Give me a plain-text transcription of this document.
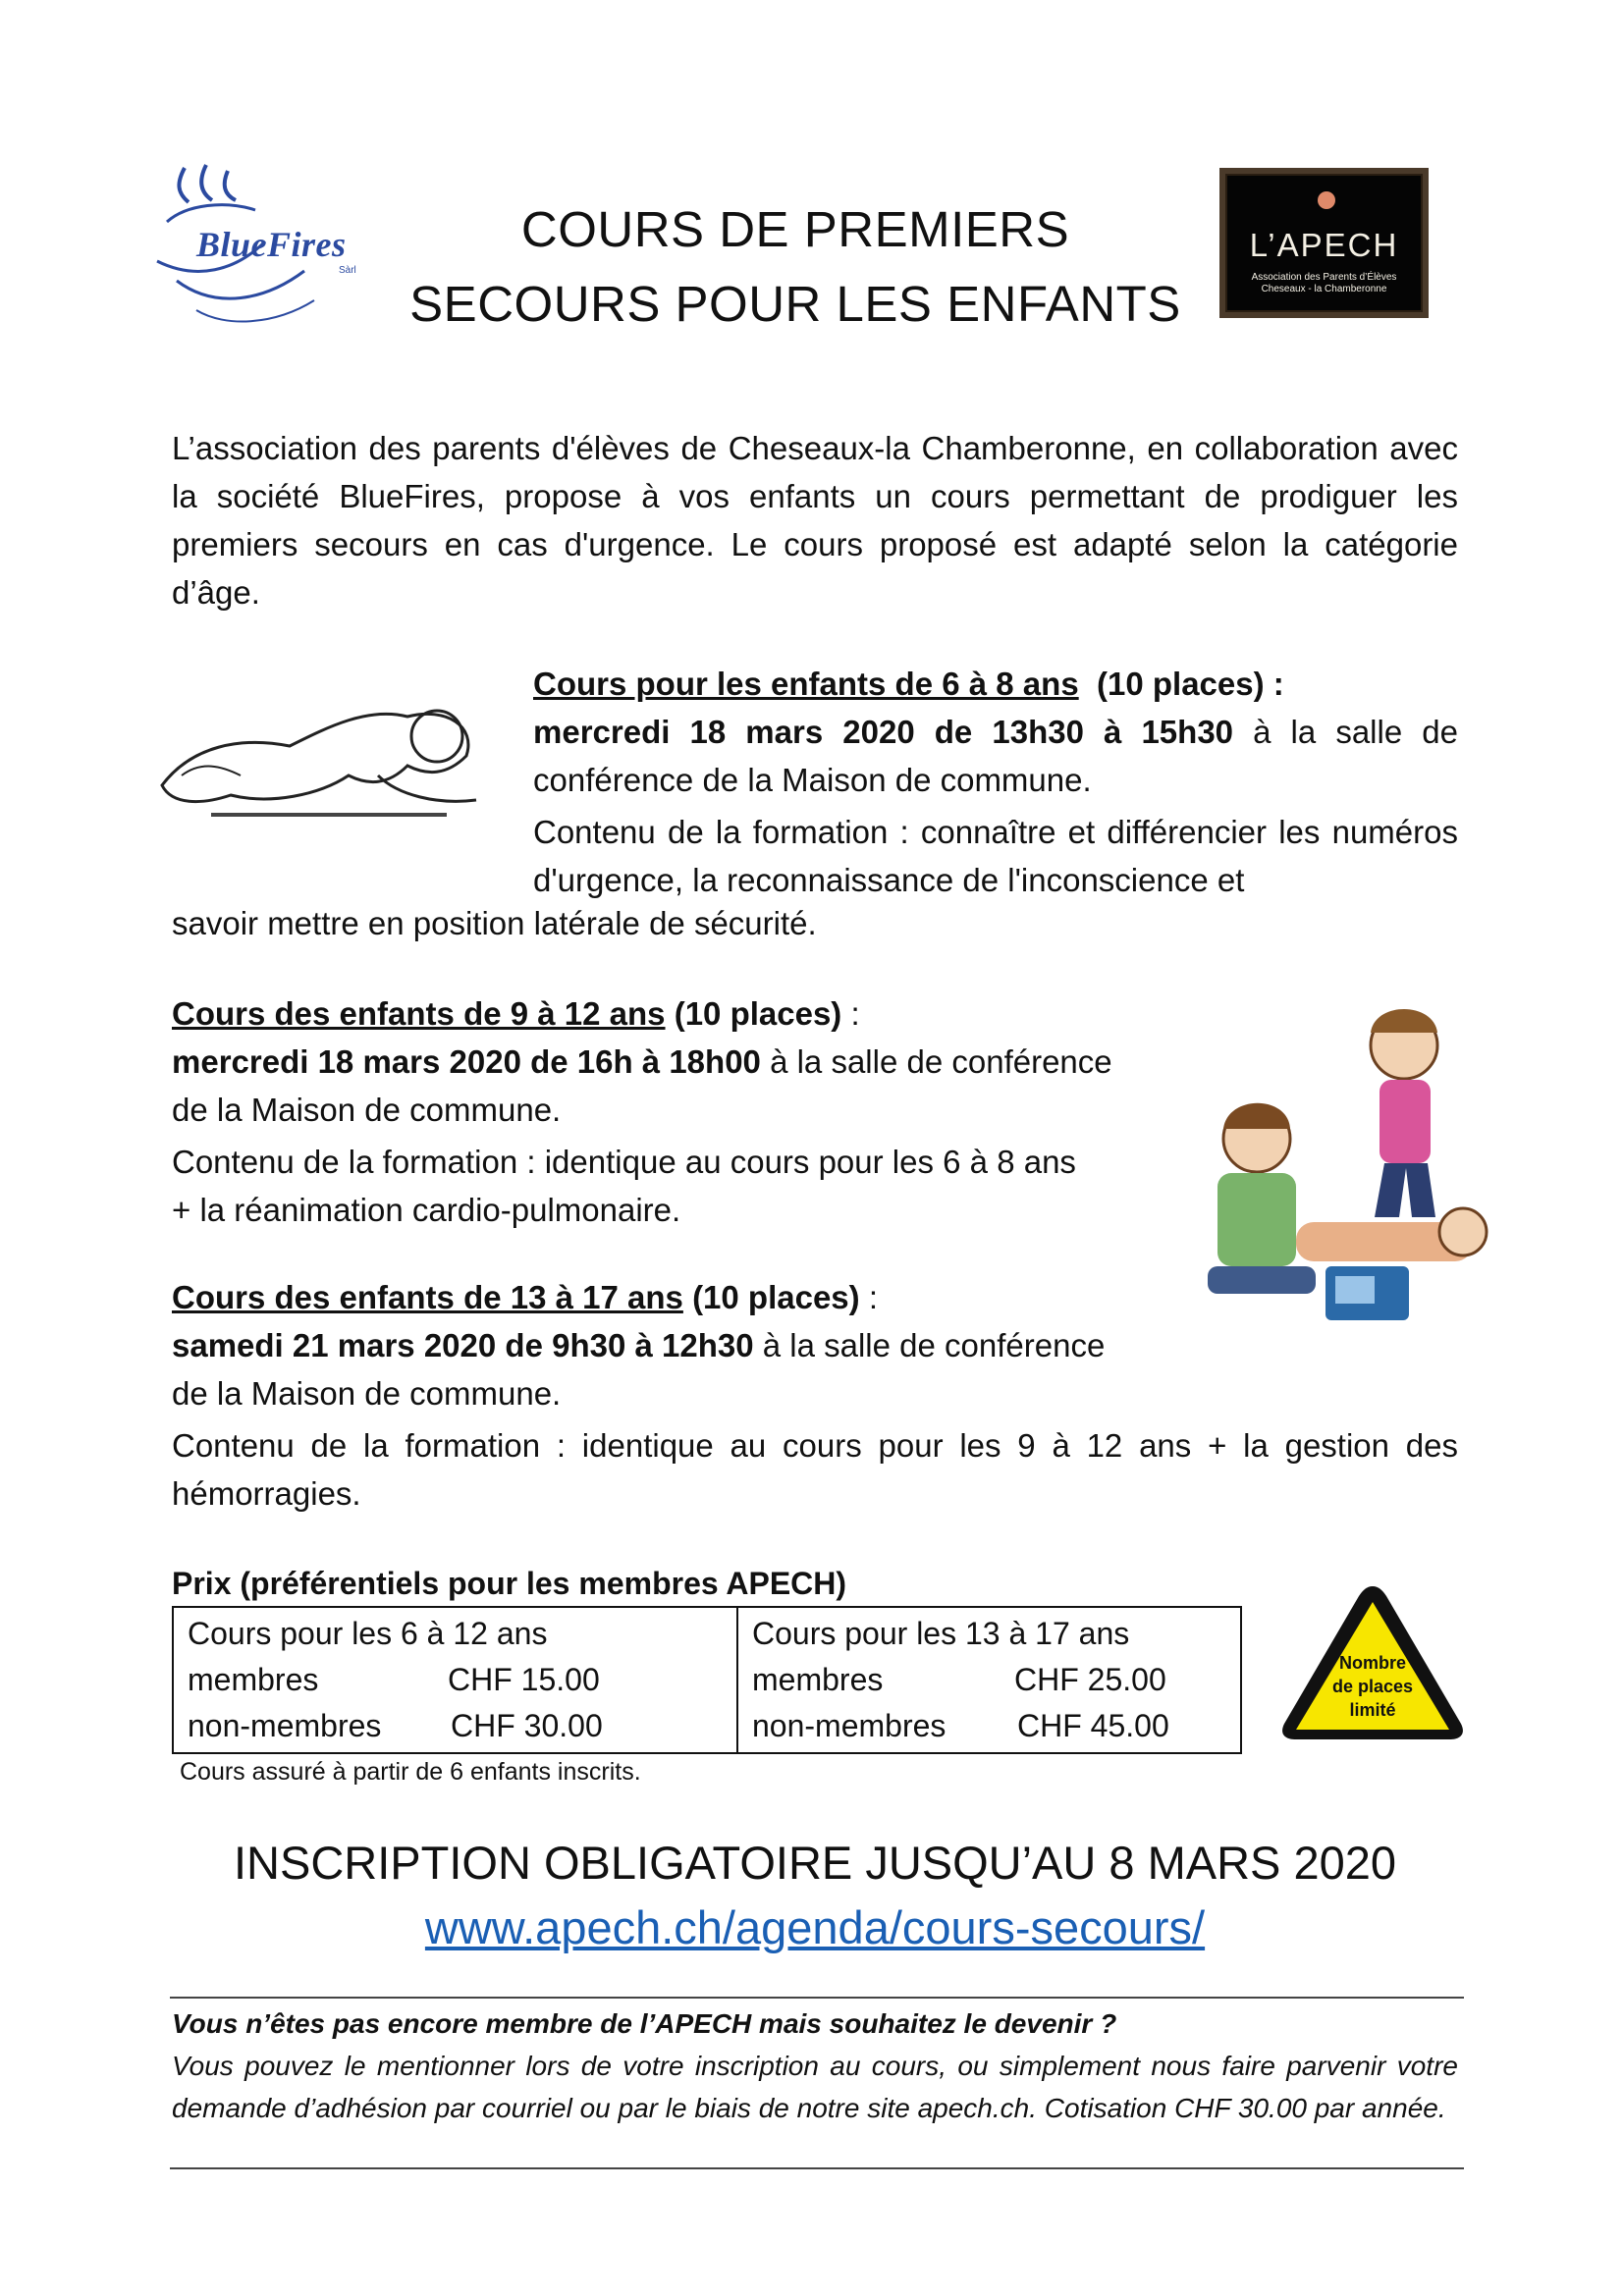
BlueFires
Sàrl
COURS DE PREMIERS
SECOURS POUR LES ENFANTS
L’APECH
Association des Parents d’Élèves
Cheseaux - la Chamberonne

L’association des parents d'élèves de Cheseaux-la Chamberonne, en collaboration avec la société BlueFires, propose à vos enfants un cours permettant de prodiguer les premiers secours en cas d'urgence. Le cours proposé est adapté selon la catégorie d’âge.

Cours pour les enfants de 6 à 8 ans (10 places) :

mercredi 18 mars 2020 de 13h30 à 15h30 à la salle de conférence de la Maison de commune.

Contenu de la formation : connaître et différencier les numéros d'urgence, la reconnaissance de l'inconscience et

savoir mettre en position latérale de sécurité.

Cours des enfants de 9 à 12 ans (10 places) :

mercredi 18 mars 2020 de 16h à 18h00 à la salle de conférence

de la Maison de commune.

Contenu de la formation : identique au cours pour les 6 à 8 ans

+ la réanimation cardio-pulmonaire.

Cours des enfants de 13 à 17 ans (10 places) :

samedi 21 mars 2020 de 9h30 à 12h30 à la salle de conférence

de la Maison de commune.

Contenu de la formation : identique au cours pour les 9 à 12 ans + la gestion des hémorragies.

Prix (préférentiels pour les membres APECH)
Cours pour les 6 à 12 ans
membres	CHF 15.00
non-membres	CHF 30.00

Cours pour les 13 à 17 ans
membres	CHF 25.00
non-membres	CHF 45.00
Cours assuré à partir de 6 enfants inscrits.
Nombre
de places
limité
INSCRIPTION OBLIGATOIRE JUSQU’AU 8 MARS 2020
www.apech.ch/agenda/cours-secours/

Vous n’êtes pas encore membre de l’APECH mais souhaitez le devenir ?

Vous pouvez le mentionner lors de votre inscription au cours, ou simplement nous faire parvenir votre demande d’adhésion par courriel ou par le biais de notre site apech.ch. Cotisation CHF 30.00 par année.
